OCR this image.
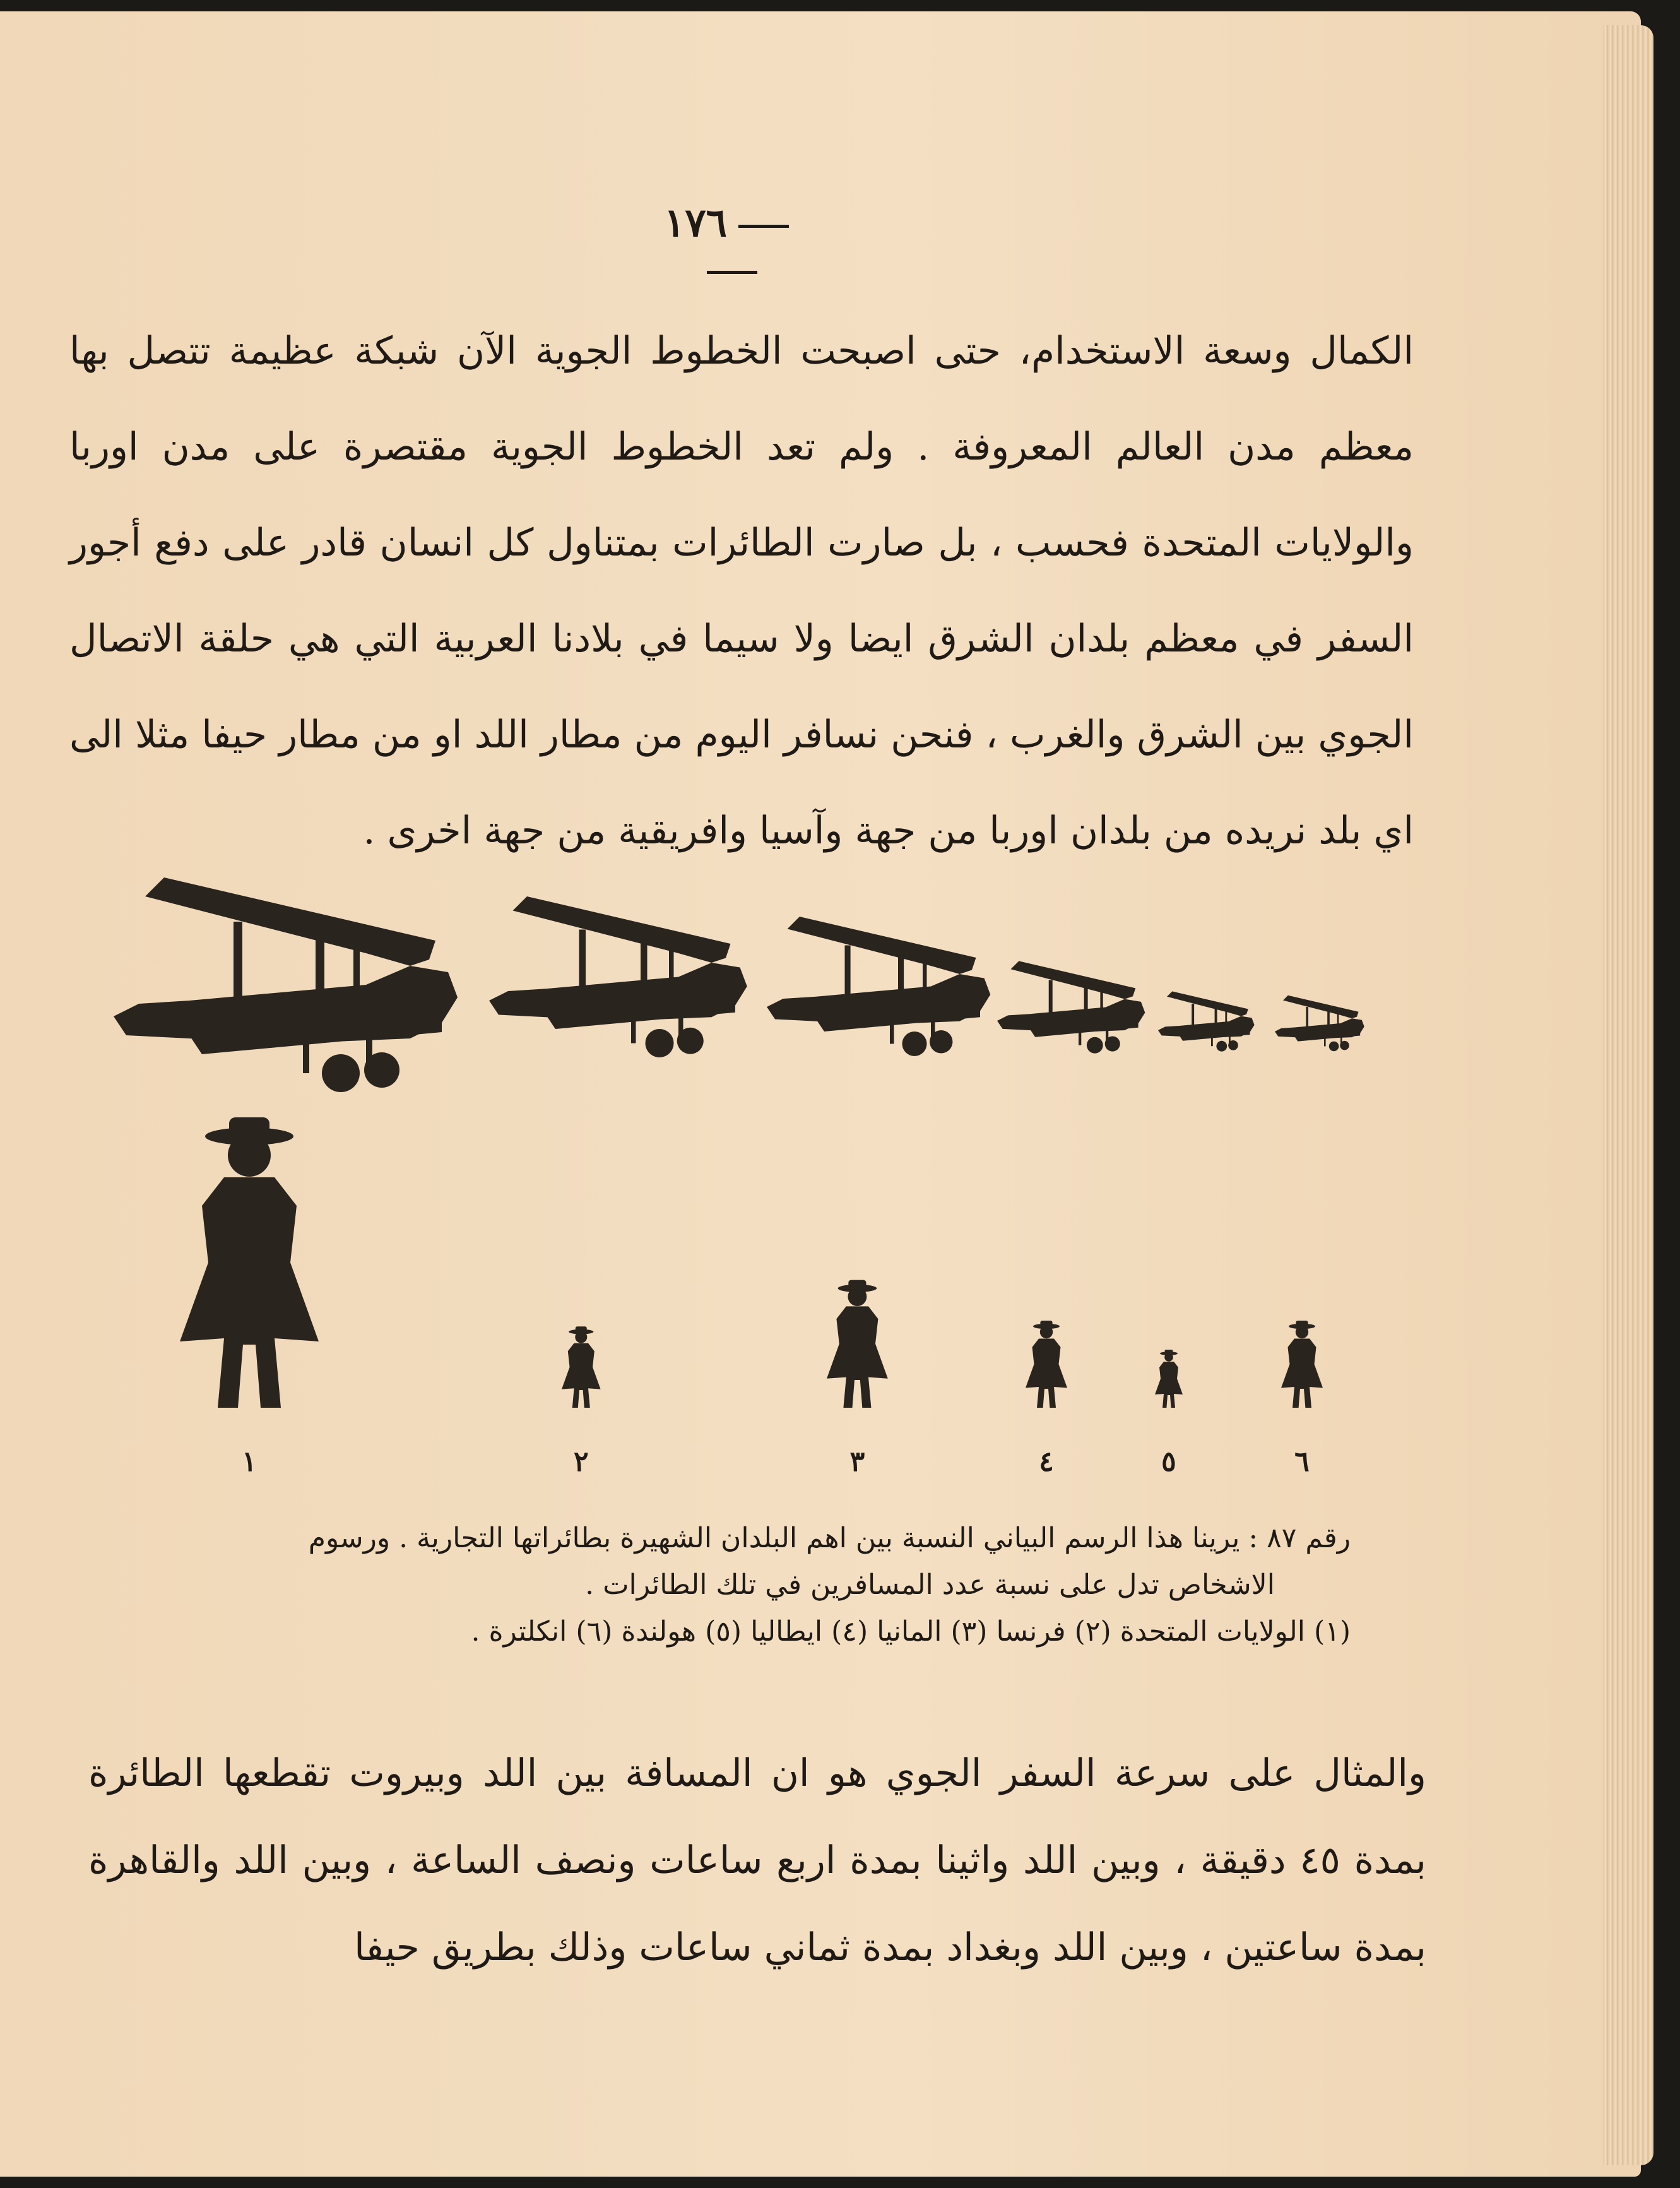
١٧٦

الكمال وسعة الاستخدام، حتى اصبحت الخطوط الجوية الآن شبكة عظيمة تتصل بها معظم مدن العالم المعروفة . ولم تعد الخطوط الجوية مقتصرة على مدن اوربا والولايات المتحدة فحسب ، بل صارت الطائرات بمتناول كل انسان قادر على دفع أجور السفر في معظم بلدان الشرق ايضا ولا سيما في بلادنا العربية التي هي حلقة الاتصال الجوي بين الشرق والغرب ، فنحن نسافر اليوم من مطار اللد او من مطار حيفا مثلا الى اي بلد نريده من بلدان اوربا من جهة وآسيا وافريقية من جهة اخرى .

١	٢	٣	٤	٥	٦

رقم ٨٧ : يرينا هذا الرسم البياني النسبة بين اهم البلدان الشهيرة بطائراتها التجارية . ورسوم

الاشخاص تدل على نسبة عدد المسافرين في تلك الطائرات .

(١) الولايات المتحدة (٢) فرنسا (٣) المانيا (٤) ايطاليا (٥) هولندة (٦) انكلترة .

والمثال على سرعة السفر الجوي هو ان المسافة بين اللد وبيروت تقطعها الطائرة بمدة ٤٥ دقيقة ، وبين اللد واثينا بمدة اربع ساعات ونصف الساعة ، وبين اللد والقاهرة بمدة ساعتين ، وبين اللد وبغداد بمدة ثماني ساعات وذلك بطريق حيفا
